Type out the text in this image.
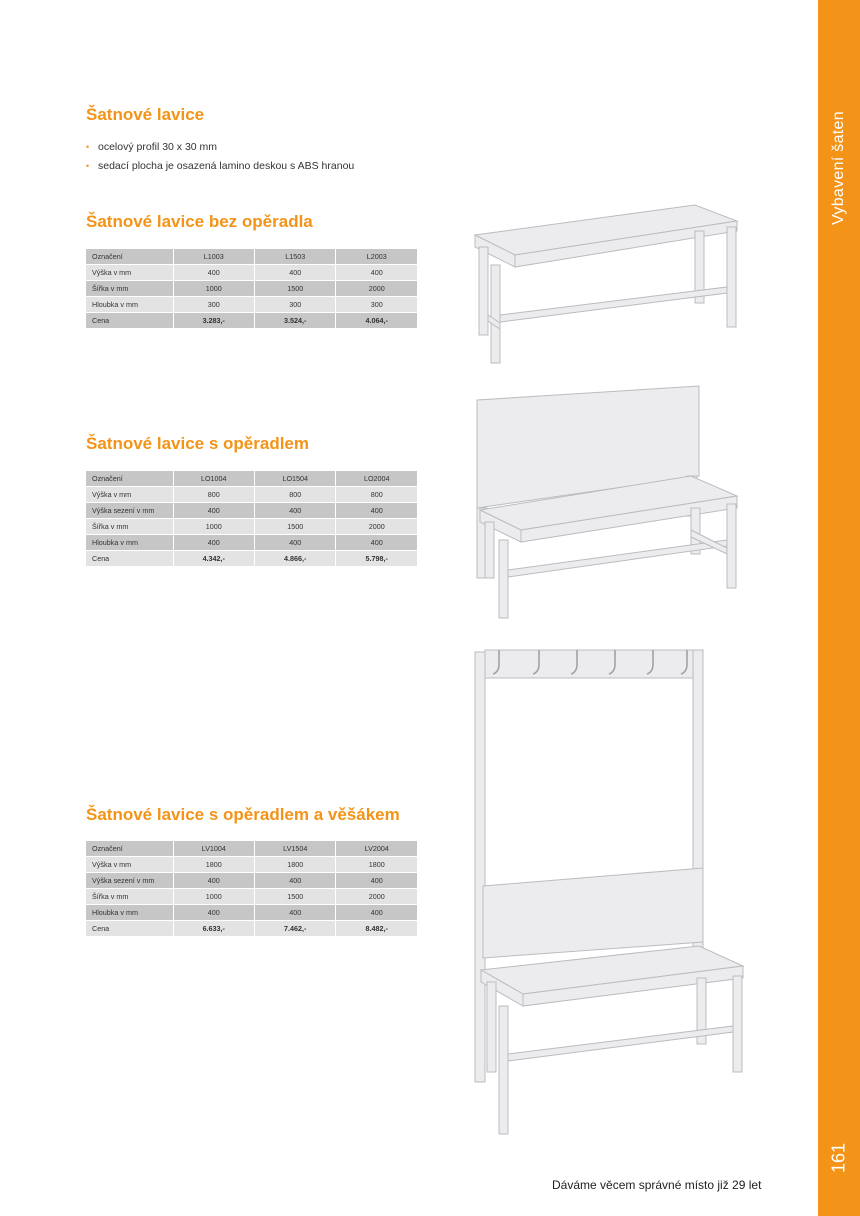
Vybavení šaten
161
Šatnové lavice
• ocelový profil 30 x 30 mm
• sedací plocha je osazená lamino deskou s ABS hranou
Šatnové lavice bez opěradla
Označení	L1003	L1503	L2003
Výška v mm	400	400	400
Šířka v mm	1000	1500	2000
Hloubka v mm	300	300	300
Cena	3.283,-	3.524,-	4.064,-
Šatnové lavice s opěradlem
Označení	LO1004	LO1504	LO2004
Výška v mm	800	800	800
Výška sezení v mm	400	400	400
Šířka v mm	1000	1500	2000
Hloubka v mm	400	400	400
Cena	4.342,-	4.866,-	5.798,-
Šatnové lavice s opěradlem a věšákem
Označení	LV1004	LV1504	LV2004
Výška v mm	1800	1800	1800
Výška sezení v mm	400	400	400
Šířka v mm	1000	1500	2000
Hloubka v mm	400	400	400
Cena	6.633,-	7.462,-	8.482,-
Dáváme věcem správné místo již 29 let
